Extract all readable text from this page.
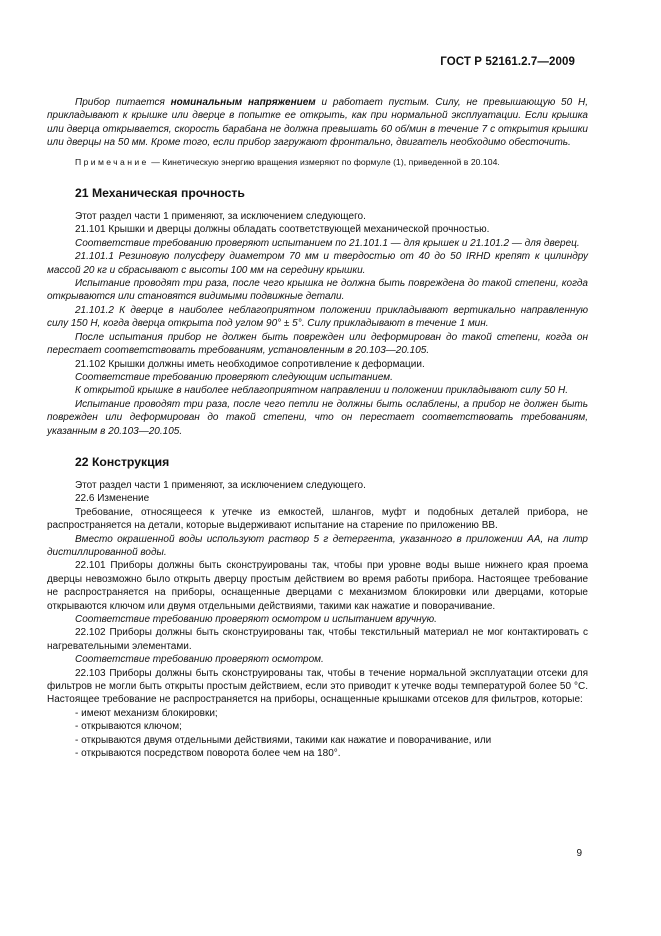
ГОСТ Р 52161.2.7—2009

Прибор питается номинальным напряжением и работает пустым. Силу, не превышающую 50 Н, прикладывают к крышке или дверце в попытке ее открыть, как при нормальной эксплуатации. Если крышка или дверца открывается, скорость барабана не должна превышать 60 об/мин в течение 7 с открытия крышки или дверцы на 50 мм. Кроме того, если прибор загружают фронтально, двигатель необходимо обесточить.

Примечание — Кинетическую энергию вращения измеряют по формуле (1), приведенной в 20.104.

21 Механическая прочность

Этот раздел части 1 применяют, за исключением следующего.

21.101 Крышки и дверцы должны обладать соответствующей механической прочностью.

Соответствие требованию проверяют испытанием по 21.101.1 — для крышек и 21.101.2 — для дверец.

21.101.1 Резиновую полусферу диаметром 70 мм и твердостью от 40 до 50 IRHD крепят к цилиндру массой 20 кг и сбрасывают с высоты 100 мм на середину крышки.

Испытание проводят три раза, после чего крышка не должна быть повреждена до такой степени, когда открываются или становятся видимыми подвижные детали.

21.101.2 К дверце в наиболее неблагоприятном положении прикладывают вертикально направленную силу 150 Н, когда дверца открыта под углом 90° ± 5°. Силу прикладывают в течение 1 мин.

После испытания прибор не должен быть поврежден или деформирован до такой степени, когда он перестает соответствовать требованиям, установленным в 20.103—20.105.

21.102 Крышки должны иметь необходимое сопротивление к деформации.

Соответствие требованию проверяют следующим испытанием.

К открытой крышке в наиболее неблагоприятном направлении и положении прикладывают силу 50 Н.

Испытание проводят три раза, после чего петли не должны быть ослаблены, а прибор не должен быть поврежден или деформирован до такой степени, что он перестает соответствовать требованиям, указанным в 20.103—20.105.

22 Конструкция

Этот раздел части 1 применяют, за исключением следующего.

22.6 Изменение

Требование, относящееся к утечке из емкостей, шлангов, муфт и подобных деталей прибора, не распространяется на детали, которые выдерживают испытание на старение по приложению ВВ.

Вместо окрашенной воды используют раствор 5 г детергента, указанного в приложении АА, на литр дистиллированной воды.

22.101 Приборы должны быть сконструированы так, чтобы при уровне воды выше нижнего края проема дверцы невозможно было открыть дверцу простым действием во время работы прибора. Настоящее требование не распространяется на приборы, оснащенные дверцами с механизмом блокировки или дверцами, которые открываются ключом или двумя отдельными действиями, такими как нажатие и поворачивание.

Соответствие требованию проверяют осмотром и испытанием вручную.

22.102 Приборы должны быть сконструированы так, чтобы текстильный материал не мог контактировать с нагревательными элементами.

Соответствие требованию проверяют осмотром.

22.103 Приборы должны быть сконструированы так, чтобы в течение нормальной эксплуатации отсеки для фильтров не могли быть открыты простым действием, если это приводит к утечке воды температурой более 50 °С. Настоящее требование не распространяется на приборы, оснащенные крышками отсеков для фильтров, которые:

- имеют механизм блокировки;
- открываются ключом;
- открываются двумя отдельными действиями, такими как нажатие и поворачивание, или
- открываются посредством поворота более чем на 180°.
9
